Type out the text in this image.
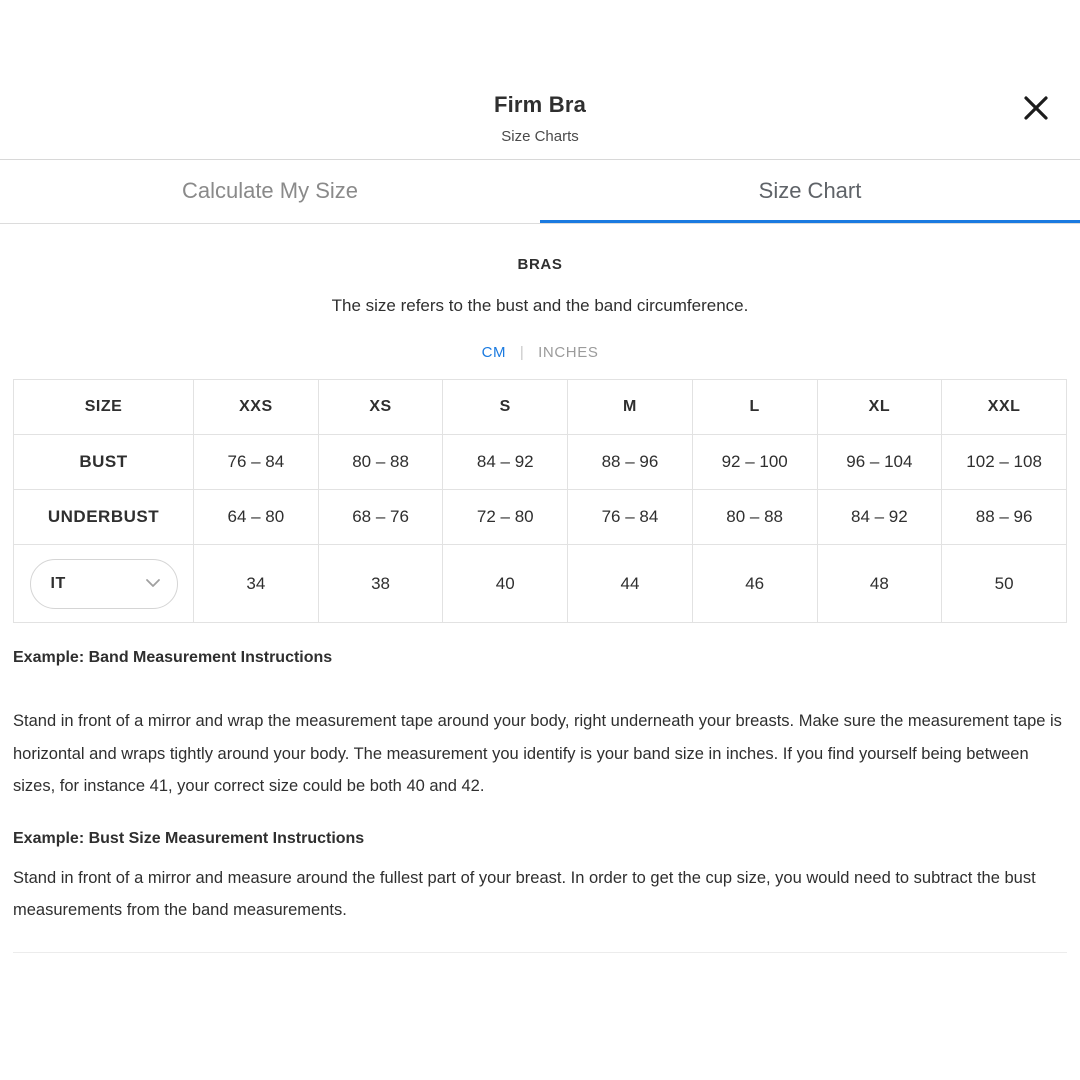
Firm Bra
Size Charts
Calculate My Size	Size Chart
BRAS
The size refers to the bust and the band circumference.
CM | INCHES
SIZE	XXS	XS	S	M	L	XL	XXL
BUST	76 – 84	80 – 88	84 – 92	88 – 96	92 – 100	96 – 104	102 – 108
UNDERBUST	64 – 80	68 – 76	72 – 80	76 – 84	80 – 88	84 – 92	88 – 96

IT	34	38	40	44	46	48	50
Example: Band Measurement Instructions
Stand in front of a mirror and wrap the measurement tape around your body, right underneath your breasts. Make sure the measurement tape is horizontal and wraps tightly around your body. The measurement you identify is your band size in inches. If you find yourself being between sizes, for instance 41, your correct size could be both 40 and 42.
Example: Bust Size Measurement Instructions
Stand in front of a mirror and measure around the fullest part of your breast. In order to get the cup size, you would need to subtract the bust measurements from the band measurements.
